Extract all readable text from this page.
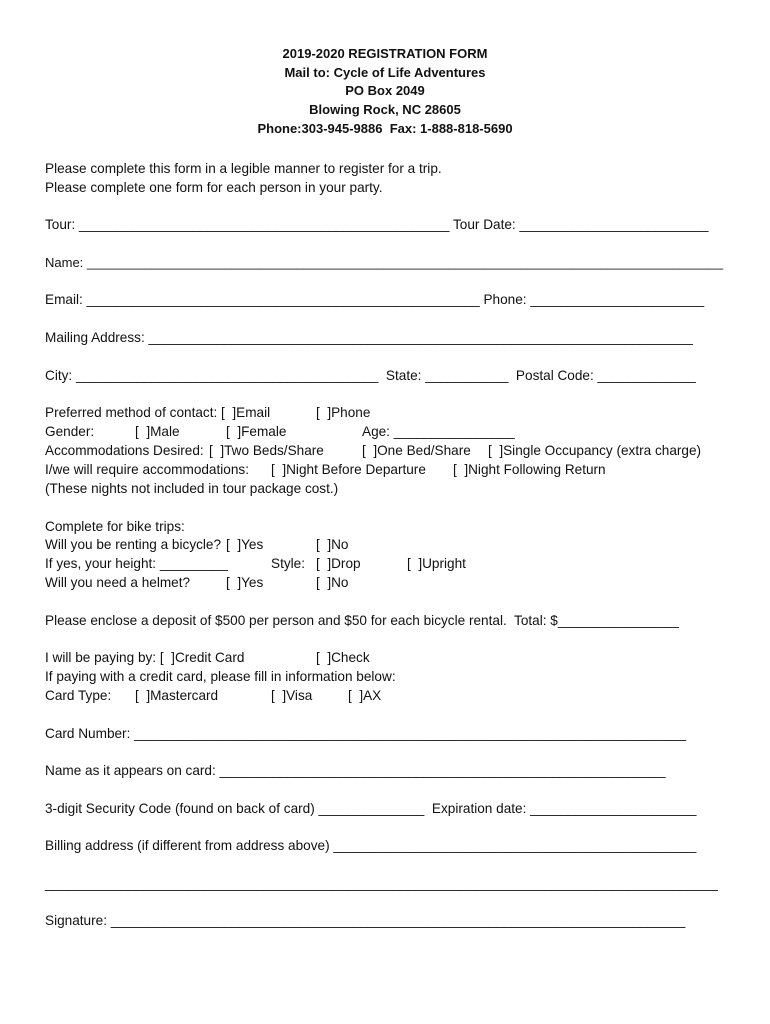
2019-2020 REGISTRATION FORM
Mail to: Cycle of Life Adventures
PO Box 2049
Blowing Rock, NC 28605
Phone:303-945-9886  Fax: 1-888-818-5690
Please complete this form in a legible manner to register for a trip.
Please complete one form for each person in your party.
Tour: _________________________________________________ Tour Date: _________________________
Name: ________________________________________________________________________________________
Email: ____________________________________________________ Phone: _______________________
Mailing Address: ________________________________________________________________________
City: ________________________________________  State: ___________  Postal Code: _____________
Preferred method of contact: [  ]Email	[  ]Phone
Gender:	[  ]Male	[  ]Female	Age: ________________
Accommodations Desired: [  ]Two Beds/Share	[  ]One Bed/Share [  ]Single Occupancy (extra charge)
I/we will require accommodations: [  ]Night Before Departure [  ]Night Following Return
(These nights not included in tour package cost.)
Complete for bike trips:
Will you be renting a bicycle? [  ]Yes	[  ]No
If yes, your height: _________	Style: [  ]Drop	[  ]Upright
Will you need a helmet?	[  ]Yes	[  ]No
Please enclose a deposit of $500 per person and $50 for each bicycle rental.  Total: $________________
I will be paying by: [  ]Credit Card	[  ]Check
If paying with a credit card, please fill in information below:
Card Type: [  ]Mastercard	[  ]Visa	[  ]AX
Card Number: _________________________________________________________________________
Name as it appears on card: ___________________________________________________________
3-digit Security Code (found on back of card) ______________  Expiration date: ______________________
Billing address (if different from address above) ________________________________________________
_________________________________________________________________________________________
Signature: ____________________________________________________________________________
